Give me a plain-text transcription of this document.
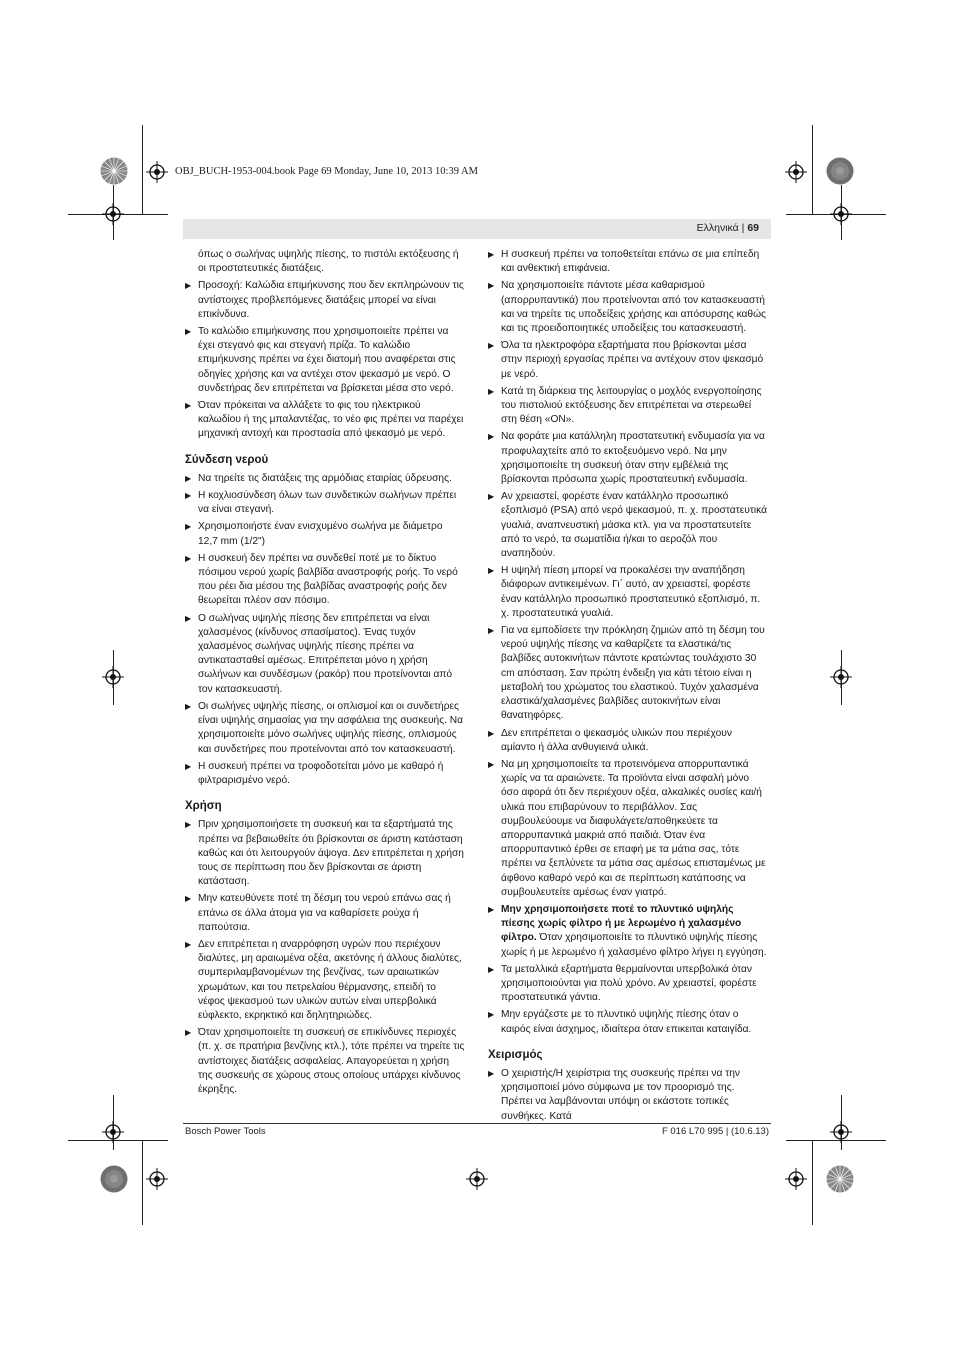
OBJ_BUCH-1953-004.book Page 69 Monday, June 10, 2013 10:39 AM
Ελληνικά | 69
όπως ο σωλήνας υψηλής πίεσης, το πιστόλι εκτόξευσης ή οι προστατευτικές διατάξεις.
▶ Προσοχή: Καλώδια επιμήκυνσης που δεν εκπληρώνουν τις αντίστοιχες προβλεπόμενες διατάξεις μπορεί να είναι επικίνδυνα.
▶ Το καλώδιο επιμήκυνσης που χρησιμοποιείτε πρέπει να έχει στεγανό φις και στεγανή πρίζα. Το καλώδιο επιμήκυνσης πρέπει να έχει διατομή που αναφέρεται στις οδηγίες χρήσης και να αντέχει στον ψεκασμό με νερό. Ο συνδετήρας δεν επιτρέπεται να βρίσκεται μέσα στο νερό.
▶ Όταν πρόκειται να αλλάξετε το φις του ηλεκτρικού καλωδίου ή της μπαλαντέζας, το νέο φις πρέπει να παρέχει μηχανική αντοχή και προστασία από ψεκασμό με νερό.
Σύνδεση νερού
▶ Να τηρείτε τις διατάξεις της αρμόδιας εταιρίας ύδρευσης.
▶ Η κοχλιοσύνδεση όλων των συνδετικών σωλήνων πρέπει να είναι στεγανή.
▶ Χρησιμοποιήστε έναν ενισχυμένο σωλήνα με διάμετρο 12,7 mm (1/2")
▶ Η συσκευή δεν πρέπει να συνδεθεί ποτέ με το δίκτυο πόσιμου νερού χωρίς βαλβίδα αναστροφής ροής. Το νερό που ρέει δια μέσου της βαλβίδας αναστροφής ροής δεν θεωρείται πλέον σαν πόσιμο.
▶ Ο σωλήνας υψηλής πίεσης δεν επιτρέπεται να είναι χαλασμένος (κίνδυνος σπασίματος). Ένας τυχόν χαλασμένος σωλήνας υψηλής πίεσης πρέπει να αντικατασταθεί αμέσως. Επιτρέπεται μόνο η χρήση σωλήνων και συνδέσμων (ρακόρ) που προτείνονται από τον κατασκευαστή.
▶ Οι σωλήνες υψηλής πίεσης, οι οπλισμοί και οι συνδετήρες είναι υψηλής σημασίας για την ασφάλεια της συσκευής. Να χρησιμοποιείτε μόνο σωλήνες υψηλής πίεσης, οπλισμούς και συνδετήρες που προτείνονται από τον κατασκευαστή.
▶ Η συσκευή πρέπει να τροφοδοτείται μόνο με καθαρό ή φιλτραρισμένο νερό.
Χρήση
▶ Πριν χρησιμοποιήσετε τη συσκευή και τα εξαρτήματά της πρέπει να βεβαιωθείτε ότι βρίσκονται σε άριστη κατάσταση καθώς και ότι λειτουργούν άψογα. Δεν επιτρέπεται η χρήση τους σε περίπτωση που δεν βρίσκονται σε άριστη κατάσταση.
▶ Μην κατευθύνετε ποτέ τη δέσμη του νερού επάνω σας ή επάνω σε άλλα άτομα για να καθαρίσετε ρούχα ή παπούτσια.
▶ Δεν επιτρέπεται η αναρρόφηση υγρών που περιέχουν διαλύτες, μη αραιωμένα οξέα, ακετόνης ή άλλους διαλύτες, συμπεριλαμβανομένων της βενζίνας, των αραιωτικών χρωμάτων, και του πετρελαίου θέρμανσης, επειδή το νέφος ψεκασμού των υλικών αυτών είναι υπερβολικά εύφλεκτο, εκρηκτικό και δηλητηριώδες.
▶ Όταν χρησιμοποιείτε τη συσκευή σε επικίνδυνες περιοχές (π. χ. σε πρατήρια βενζίνης κτλ.), τότε πρέπει να τηρείτε τις αντίστοιχες διατάξεις ασφαλείας. Απαγορεύεται η χρήση της συσκευής σε χώρους στους οποίους υπάρχει κίνδυνος έκρηξης.
▶ Η συσκευή πρέπει να τοποθετείται επάνω σε μια επίπεδη και ανθεκτική επιφάνεια.
▶ Να χρησιμοποιείτε πάντοτε μέσα καθαρισμού (απορρυπαντικά) που προτείνονται από τον κατασκευαστή και να τηρείτε τις υποδείξεις χρήσης και απόσυρσης καθώς και τις προειδοποιητικές υποδείξεις του κατασκευαστή.
▶ Όλα τα ηλεκτροφόρα εξαρτήματα που βρίσκονται μέσα στην περιοχή εργασίας πρέπει να αντέχουν στον ψεκασμό με νερό.
▶ Κατά τη διάρκεια της λειτουργίας ο μοχλός ενεργοποίησης του πιστολιού εκτόξευσης δεν επιτρέπεται να στερεωθεί στη θέση «ON».
▶ Να φοράτε μια κατάλληλη προστατευτική ενδυμασία για να προφυλαχτείτε από το εκτοξευόμενο νερό. Να μην χρησιμοποιείτε τη συσκευή όταν στην εμβέλειά της βρίσκονται πρόσωπα χωρίς προστατευτική ενδυμασία.
▶ Αν χρειαστεί, φορέστε έναν κατάλληλο προσωπικό εξοπλισμό (PSA) από νερό ψεκασμού, π. χ. προστατευτικά γυαλιά, αναπνευστική μάσκα κτλ. για να προστατευτείτε από το νερό, τα σωματίδια ή/και το αεροζόλ που αναπηδούν.
▶ Η υψηλή πίεση μπορεί να προκαλέσει την αναπήδηση διάφορων αντικειμένων. Γι΄ αυτό, αν χρειαστεί, φορέστε έναν κατάλληλο προσωπικό προστατευτικό εξοπλισμό, π. χ. προστατευτικά γυαλιά.
▶ Για να εμποδίσετε την πρόκληση ζημιών από τη δέσμη του νερού υψηλής πίεσης να καθαρίζετε τα ελαστικά/τις βαλβίδες αυτοκινήτων πάντοτε κρατώντας τουλάχιστο 30 cm απόσταση. Σαν πρώτη ένδειξη για κάτι τέτοιο είναι η μεταβολή του χρώματος του ελαστικού. Τυχόν χαλασμένα ελαστικά/χαλασμένες βαλβίδες αυτοκινήτων είναι θανατηφόρες.
▶ Δεν επιτρέπεται ο ψεκασμός υλικών που περιέχουν αμίαντο ή άλλα ανθυγιεινά υλικά.
▶ Να μη χρησιμοποιείτε τα προτεινόμενα απορρυπαντικά χωρίς να τα αραιώνετε. Τα προϊόντα είναι ασφαλή μόνο όσο αφορά ότι δεν περιέχουν οξέα, αλκαλικές ουσίες και/ή υλικά που επιβαρύνουν το περιβάλλον. Σας συμβουλεύουμε να διαφυλάγετε/αποθηκεύετε τα απορρυπαντικά μακριά από παιδιά. Όταν ένα απορρυπαντικό έρθει σε επαφή με τα μάτια σας, τότε πρέπει να ξεπλύνετε τα μάτια σας αμέσως επισταμένως με άφθονο καθαρό νερό και σε περίπτωση κατάποσης να συμβουλευτείτε αμέσως έναν γιατρό.
▶ Μην χρησιμοποιήσετε ποτέ το πλυντικό υψηλής πίεσης χωρίς φίλτρο ή με λερωμένο ή χαλασμένο φίλτρο. Όταν χρησιμοποιείτε το πλυντικό υψηλής πίεσης χωρίς ή με λερωμένο ή χαλασμένο φίλτρο λήγει η εγγύηση.
▶ Τα μεταλλικά εξαρτήματα θερμαίνονται υπερβολικά όταν χρησιμοποιούνται για πολύ χρόνο. Αν χρειαστεί, φορέστε προστατευτικά γάντια.
▶ Μην εργάζεστε με το πλυντικό υψηλής πίεσης όταν ο καιρός είναι άσχημος, ιδιαίτερα όταν επικειται καταιγίδα.
Χειρισμός
▶ Ο χειριστής/Η χειρίστρια της συσκευής πρέπει να την χρησιμοποιεί μόνο σύμφωνα με τον προορισμό της. Πρέπει να λαμβάνονται υπόψη οι εκάστοτε τοπικές συνθήκες. Κατά
Bosch Power Tools	F 016 L70 995 | (10.6.13)
